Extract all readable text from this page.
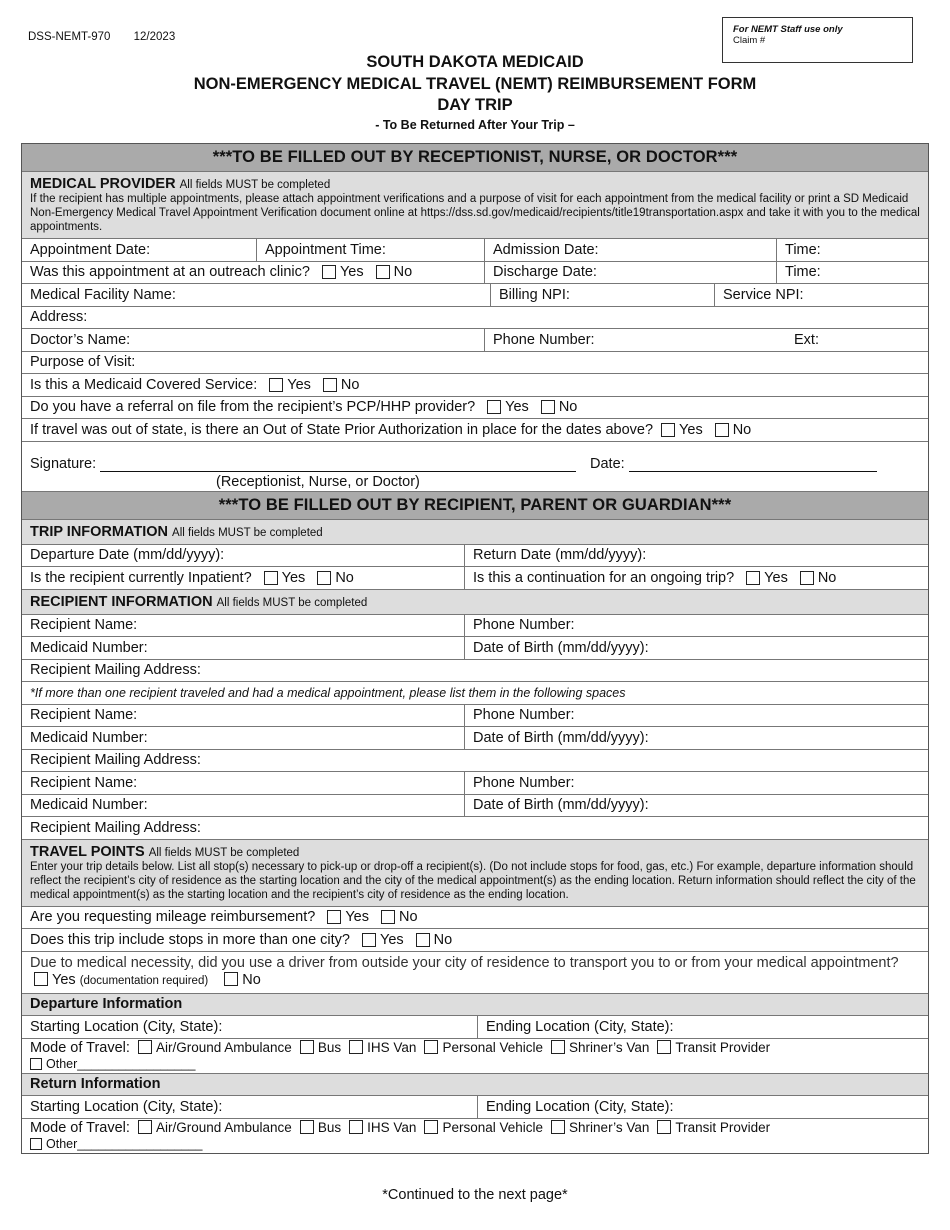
DSS-NEMT-970 12/2023
For NEMT Staff use only
Claim #
SOUTH DAKOTA MEDICAID
NON-EMERGENCY MEDICAL TRAVEL (NEMT) REIMBURSEMENT FORM
DAY TRIP
- To Be Returned After Your Trip –
***TO BE FILLED OUT BY RECEPTIONIST, NURSE, OR DOCTOR***
MEDICAL PROVIDER All fields MUST be completed
If the recipient has multiple appointments, please attach appointment verifications and a purpose of visit for each appointment from the medical facility or print a SD Medicaid Non-Emergency Medical Travel Appointment Verification document online at https://dss.sd.gov/medicaid/recipients/title19transportation.aspx and take it with you to the medical appointments.
Appointment Date:	Appointment Time:	Admission Date:	Time:
Was this appointment at an outreach clinic? Yes No	Discharge Date:	Time:
Medical Facility Name:	Billing NPI:	Service NPI:
Address:
Doctor’s Name:	Phone Number:	Ext:
Purpose of Visit:
Is this a Medicaid Covered Service: Yes No
Do you have a referral on file from the recipient’s PCP/HHP provider? Yes No
If travel was out of state, is there an Out of State Prior Authorization in place for the dates above? Yes No
Signature:
(Receptionist, Nurse, or Doctor)
Date:
***TO BE FILLED OUT BY RECIPIENT, PARENT OR GUARDIAN***
TRIP INFORMATION All fields MUST be completed
Departure Date (mm/dd/yyyy):	Return Date (mm/dd/yyyy):
Is the recipient currently Inpatient? Yes No	Is this a continuation for an ongoing trip? Yes No
RECIPIENT INFORMATION All fields MUST be completed
Recipient Name:	Phone Number:
Medicaid Number:	Date of Birth (mm/dd/yyyy):
Recipient Mailing Address:
*If more than one recipient traveled and had a medical appointment, please list them in the following spaces
Recipient Name:	Phone Number:
Medicaid Number:	Date of Birth (mm/dd/yyyy):
Recipient Mailing Address:
Recipient Name:	Phone Number:
Medicaid Number:	Date of Birth (mm/dd/yyyy):
Recipient Mailing Address:
TRAVEL POINTS All fields MUST be completed
Enter your trip details below. List all stop(s) necessary to pick-up or drop-off a recipient(s). (Do not include stops for food, gas, etc.) For example, departure information should reflect the recipient’s city of residence as the starting location and the city of the medical appointment(s) as the ending location. Return information should reflect the city of the medical appointment(s) as the starting location and the recipient’s city of residence as the ending location.
Are you requesting mileage reimbursement? Yes No
Does this trip include stops in more than one city? Yes No
Due to medical necessity, did you use a driver from outside your city of residence to transport you to or from your medical appointment? Yes (documentation required) No
Departure Information
Starting Location (City, State):	Ending Location (City, State):
Mode of Travel: Air/Ground Ambulance Bus IHS Van Personal Vehicle Shriner’s Van Transit Provider
Other_________________
Return Information
Starting Location (City, State):	Ending Location (City, State):
Mode of Travel: Air/Ground Ambulance Bus IHS Van Personal Vehicle Shriner’s Van Transit Provider
Other__________________
*Continued to the next page*
